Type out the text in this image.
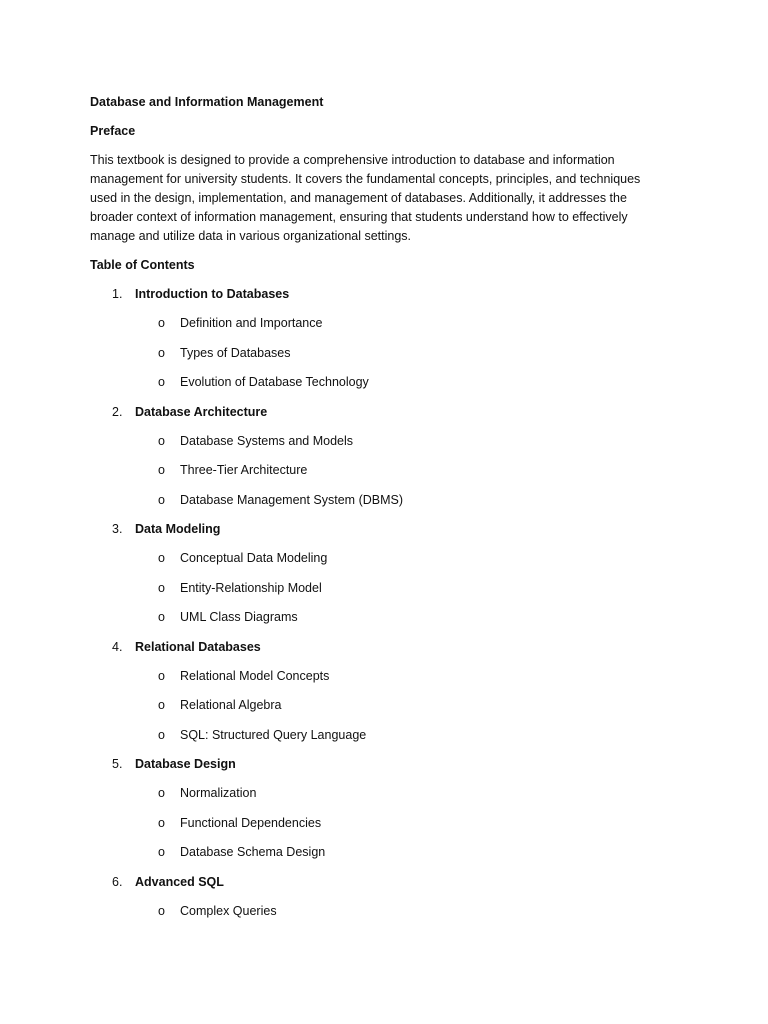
Database and Information Management

Preface

This textbook is designed to provide a comprehensive introduction to database and information management for university students. It covers the fundamental concepts, principles, and techniques used in the design, implementation, and management of databases. Additionally, it addresses the broader context of information management, ensuring that students understand how to effectively manage and utilize data in various organizational settings.

Table of Contents

1.	Introduction to Databases
o	Definition and Importance
o	Types of Databases
o	Evolution of Database Technology
2.	Database Architecture
o	Database Systems and Models
o	Three-Tier Architecture
o	Database Management System (DBMS)
3.	Data Modeling
o	Conceptual Data Modeling
o	Entity-Relationship Model
o	UML Class Diagrams
4.	Relational Databases
o	Relational Model Concepts
o	Relational Algebra
o	SQL: Structured Query Language
5.	Database Design
o	Normalization
o	Functional Dependencies
o	Database Schema Design
6.	Advanced SQL
o	Complex Queries
